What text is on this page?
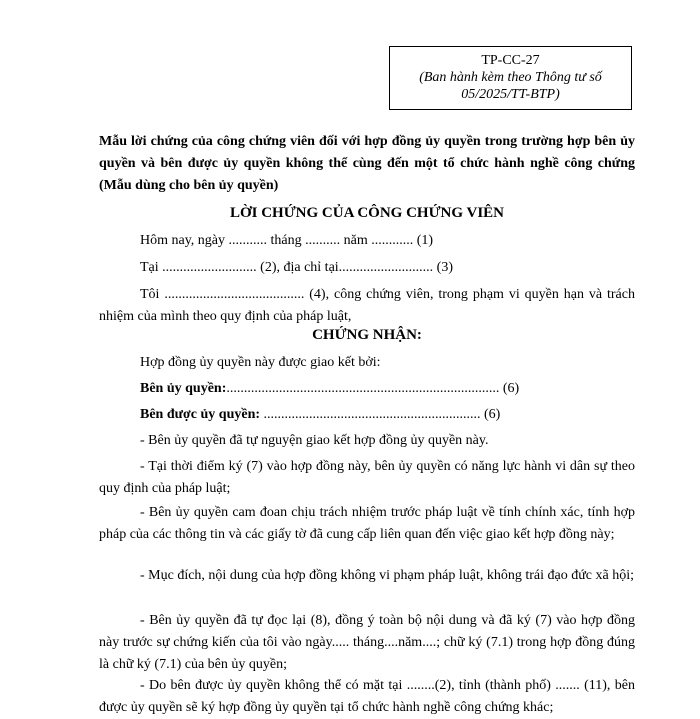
TP-CC-27
(Ban hành kèm theo Thông tư số
05/2025/TT-BTP)
Mẫu lời chứng của công chứng viên đối với hợp đồng ủy quyền trong trường hợp bên ủy quyền và bên được ủy quyền không thể cùng đến một tổ chức hành nghề công chứng (Mẫu dùng cho bên ủy quyền)
LỜI CHỨNG CỦA CÔNG CHỨNG VIÊN
Hôm nay, ngày ........... tháng .......... năm ............ (1)
Tại ........................... (2), địa chỉ tại........................... (3)
Tôi ........................................ (4), công chứng viên, trong phạm vi quyền hạn và trách nhiệm của mình theo quy định của pháp luật,
CHỨNG NHẬN:
Hợp đồng ủy quyền này được giao kết bởi:
Bên ủy quyền:.............................................................................. (6)
Bên được ủy quyền: .............................................................. (6)
- Bên ủy quyền đã tự nguyện giao kết hợp đồng ủy quyền này.
- Tại thời điểm ký (7) vào hợp đồng này, bên ủy quyền có năng lực hành vi dân sự theo quy định của pháp luật;
- Bên ủy quyền cam đoan chịu trách nhiệm trước pháp luật về tính chính xác, tính hợp pháp của các thông tin và các giấy tờ đã cung cấp liên quan đến việc giao kết hợp đồng này;
- Mục đích, nội dung của hợp đồng không vi phạm pháp luật, không trái đạo đức xã hội;
- Bên ủy quyền đã tự đọc lại (8), đồng ý toàn bộ nội dung và đã ký (7) vào hợp đồng này trước sự chứng kiến của tôi vào ngày..... tháng....năm....; chữ ký (7.1) trong hợp đồng đúng là chữ ký (7.1) của bên ủy quyền;
- Do bên được ủy quyền không thể có mặt tại ........(2), tỉnh (thành phố) ....... (11), bên được ủy quyền sẽ ký hợp đồng ủy quyền tại tổ chức hành nghề công chứng khác;
